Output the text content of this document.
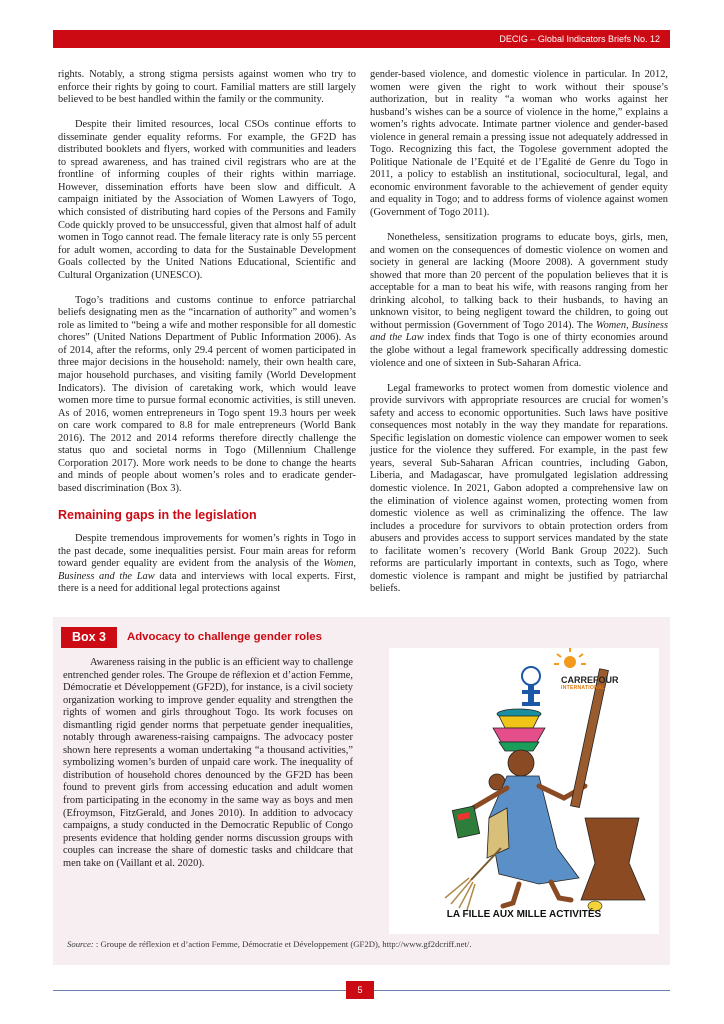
DECIG – Global Indicators Briefs No. 12

rights. Notably, a strong stigma persists against women who try to enforce their rights by going to court. Familial matters are still largely believed to be best handled within the family or the community.

Despite their limited resources, local CSOs continue efforts to disseminate gender equality reforms. For example, the GF2D has distributed booklets and flyers, worked with communities and leaders to spread awareness, and has trained civil registrars who are at the frontline of informing couples of their rights within marriage. However, dissemination efforts have been slow and difficult. A campaign initiated by the Association of Women Lawyers of Togo, which consisted of distributing hard copies of the Persons and Family Code quickly proved to be unsuccessful, given that almost half of adult women in Togo cannot read. The female literacy rate is only 55 percent for adult women, according to data for the Sustainable Development Goals collected by the United Nations Educational, Scientific and Cultural Organization (UNESCO).

Togo’s traditions and customs continue to enforce patriarchal beliefs designating men as the “incarnation of authority” and women’s role as limited to “being a wife and mother responsible for all domestic chores” (United Nations Department of Public Information 2006). As of 2014, after the reforms, only 29.4 percent of women participated in three major decisions in the household: namely, their own health care, major household purchases, and visiting family (World Development Indicators). The division of caretaking work, which would leave women more time to pursue formal economic activities, is still uneven. As of 2016, women entrepreneurs in Togo spent 19.3 hours per week on care work compared to 8.8 for male entrepreneurs (World Bank 2016). The 2012 and 2014 reforms therefore directly challenge the status quo and societal norms in Togo (Millennium Challenge Corporation 2017). More work needs to be done to change the hearts and minds of people about women’s roles and to eradicate gender-based discrimination (Box 3).

Remaining gaps in the legislation

Despite tremendous improvements for women’s rights in Togo in the past decade, some inequalities persist. Four main areas for reform toward gender equality are evident from the analysis of the Women, Business and the Law data and interviews with local experts. First, there is a need for additional legal protections against

gender-based violence, and domestic violence in particular. In 2012, women were given the right to work without their spouse’s authorization, but in reality “a woman who works against her husband’s wishes can be a source of violence in the home,” explains a women’s rights advocate. Intimate partner violence and gender-based violence in general remain a pressing issue not adequately addressed in Togo. Recognizing this fact, the Togolese government adopted the Politique Nationale de l’Equité et de l’Egalité de Genre du Togo in 2011, a policy to establish an institutional, sociocultural, legal, and economic environment favorable to the achievement of gender equity and equality in Togo; and to address forms of violence against women (Government of Togo 2011).

Nonetheless, sensitization programs to educate boys, girls, men, and women on the consequences of domestic violence on women and society in general are lacking (Moore 2008). A government study showed that more than 20 percent of the population believes that it is acceptable for a man to beat his wife, with reasons ranging from her drinking alcohol, to talking back to their husbands, to having an unknown visitor, to being negligent toward the children, to going out without permission (Government of Togo 2014). The Women, Business and the Law index finds that Togo is one of thirty economies around the globe without a legal framework specifically addressing domestic violence and one of sixteen in Sub-Saharan Africa.

Legal frameworks to protect women from domestic violence and provide survivors with appropriate resources are crucial for women’s safety and access to economic opportunities. Such laws have positive consequences most notably in the way they mandate for reparations. Specific legislation on domestic violence can empower women to seek justice for the violence they suffered. For example, in the past few years, several Sub-Saharan African countries, including Gabon, Liberia, and Madagascar, have promulgated legislation addressing domestic violence. In 2021, Gabon adopted a comprehensive law on the elimination of violence against women, protecting women from domestic violence as well as criminalizing the offence. The law includes a procedure for survivors to obtain protection orders from abusers and provides access to support services mandated by the state to facilitate women’s recovery (World Bank Group 2022). Such reforms are particularly important in contexts, such as Togo, where domestic violence is rampant and might be justified by patriarchal beliefs.

Box 3	Advocacy to challenge gender roles

Awareness raising in the public is an efficient way to challenge entrenched gender roles. The Groupe de réflexion et d’action Femme, Démocratie et Développement (GF2D), for instance, is a civil society organization working to improve gender equality and strengthen the rights of women and girls throughout Togo. Its work focuses on dismantling rigid gender norms that perpetuate gender inequalities, notably through awareness-raising campaigns. The advocacy poster shown here represents a woman undertaking “a thousand activities,” symbolizing women’s burden of unpaid care work. The inequality of distribution of household chores denounced by the GF2D has been found to prevent girls from accessing education and adult women from participating in the economy in the same way as boys and men (Efroymson, FitzGerald, and Jones 2010). In addition to advocacy campaigns, a study conducted in the Democratic Republic of Congo presents evidence that holding gender norms discussion groups with couples can increase the share of domestic tasks and childcare that men take on (Vaillant et al. 2020).

CARREFOUR
INTERNATIONAL
LA FILLE AUX MILLE ACTIVITÉS
Source: : Groupe de réflexion et d’action Femme, Démocratie et Développement (GF2D), http://www.gf2dcriff.net/.
5
